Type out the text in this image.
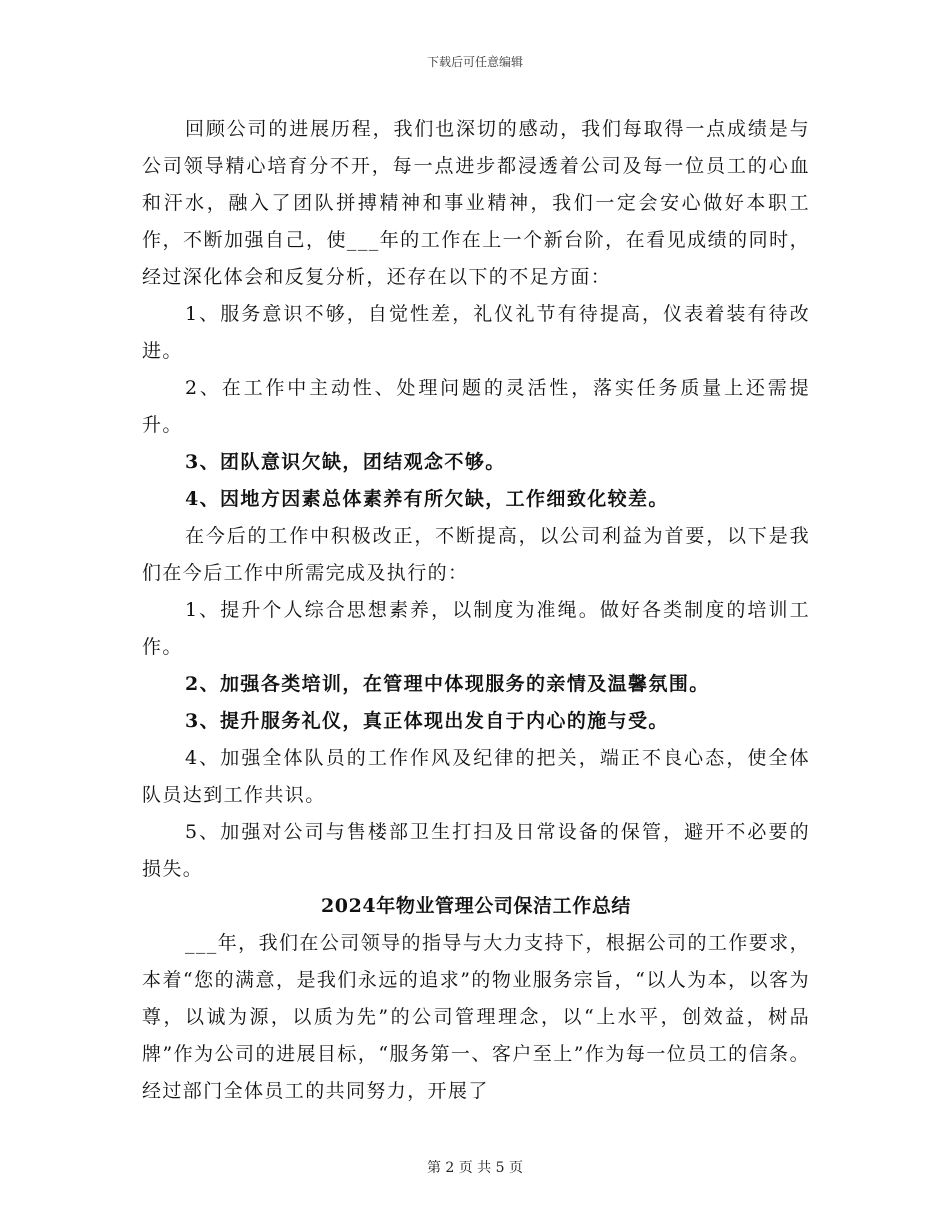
下载后可任意编辑

回顾公司的进展历程，我们也深切的感动，我们每取得一点成绩是与公司领导精心培育分不开，每一点进步都浸透着公司及每一位员工的心血和汗水，融入了团队拼搏精神和事业精神，我们一定会安心做好本职工作，不断加强自己，使___年的工作在上一个新台阶，在看见成绩的同时，经过深化体会和反复分析，还存在以下的不足方面：

1、服务意识不够，自觉性差，礼仪礼节有待提高，仪表着装有待改进。

2、在工作中主动性、处理问题的灵活性，落实任务质量上还需提升。

3、团队意识欠缺，团结观念不够。

4、因地方因素总体素养有所欠缺，工作细致化较差。

在今后的工作中积极改正，不断提高，以公司利益为首要，以下是我们在今后工作中所需完成及执行的：

1、提升个人综合思想素养，以制度为准绳。做好各类制度的培训工作。

2、加强各类培训，在管理中体现服务的亲情及温馨氛围。

3、提升服务礼仪，真正体现出发自于内心的施与受。

4、加强全体队员的工作作风及纪律的把关，端正不良心态，使全体队员达到工作共识。

5、加强对公司与售楼部卫生打扫及日常设备的保管，避开不必要的损失。

2024年物业管理公司保洁工作总结

___年，我们在公司领导的指导与大力支持下，根据公司的工作要求，本着“您的满意，是我们永远的追求”的物业服务宗旨，“以人为本，以客为尊，以诚为源，以质为先”的公司管理理念，以“上水平，创效益，树品牌”作为公司的进展目标，“服务第一、客户至上”作为每一位员工的信条。经过部门全体员工的共同努力，开展了

第 2 页 共 5 页
